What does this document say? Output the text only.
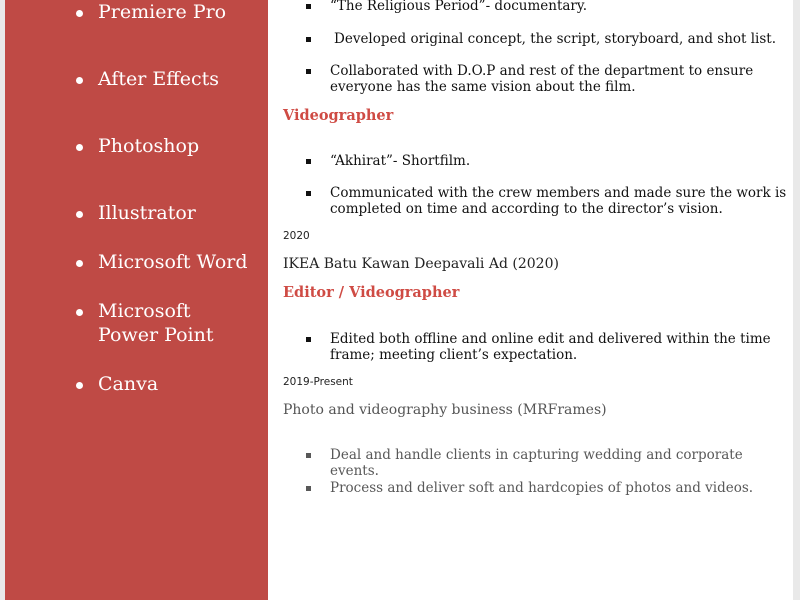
Premiere Pro
After Effects
Photoshop
Illustrator
Microsoft Word
Microsoft
Power Point
Canva
“The Religious Period”- documentary.
Developed original concept, the script, storyboard, and shot list.
Collaborated with D.O.P and rest of the department to ensure
everyone has the same vision about the film.
Videographer
“Akhirat”- Shortfilm.
Communicated with the crew members and made sure the work is
completed on time and according to the director’s vision.
2020
IKEA Batu Kawan Deepavali Ad (2020)
Editor / Videographer
Edited both offline and online edit and delivered within the time
frame; meeting client’s expectation.
2019-Present
Photo and videography business (MRFrames)
Deal and handle clients in capturing wedding and corporate
events.
Process and deliver soft and hardcopies of photos and videos.
